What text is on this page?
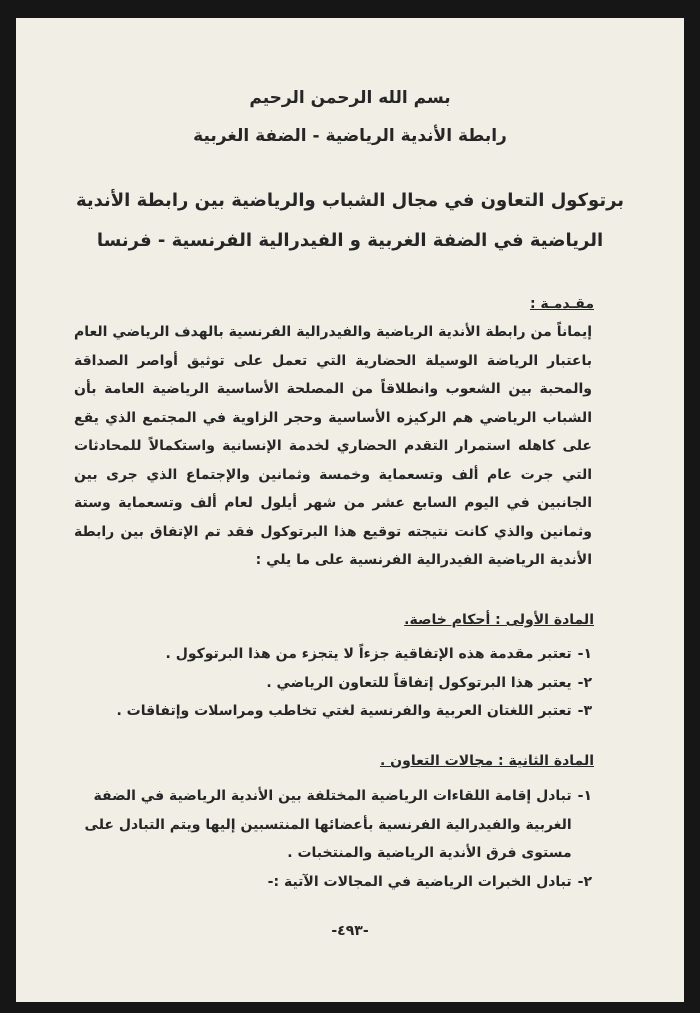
بسم الله الرحمن الرحيم
رابطة الأندية الرياضية - الضفة الغربية
برتوكول التعاون في مجال الشباب والرياضية بين رابطة الأندية الرياضية في الضفة الغربية و الفيدرالية الفرنسية - فرنسا
مقـدمـة :
إيماناً من رابطة الأندية الرياضية والفيدرالية الفرنسية بالهدف الرياضي العام باعتبار الرياضة الوسيلة الحضارية التي تعمل على توثيق أواصر الصداقة والمحبة بين الشعوب وانطلاقاً من المصلحة الأساسية الرياضية العامة بأن الشباب الرياضي هم الركيزه الأساسية وحجر الزاوية في المجتمع الذي يقع على كاهله استمرار التقدم الحضاري لخدمة الإنسانية واستكمالاً للمحادثات التي جرت عام ألف وتسعماية وخمسة وثمانين والإجتماع الذي جرى بين الجانبين في اليوم السابع عشر من شهر أيلول لعام ألف وتسعماية وستة وثمانين والذي كانت نتيجته توقيع هذا البرتوكول فقد تم الإتفاق بين رابطة الأندية الرياضية الفيدرالية الفرنسية على ما يلي :
المادة الأولى : أحكام خاصة.
١-
تعتبر مقدمة هذه الإتفاقية جزءاً لا يتجزء من هذا البرتوكول .
٢-
يعتبر هذا البرتوكول إتفاقاً للتعاون الرياضي .
٣-
تعتبر اللغتان العربية والفرنسية لغتي تخاطب ومراسلات وإتفاقات .
المادة الثانية : مجالات التعاون .
١-
تبادل إقامة اللقاءات الرياضية المختلفة بين الأندية الرياضية في الضفة الغربية والفيدرالية الفرنسية بأعضائها المنتسبين إليها ويتم التبادل على مستوى فرق الأندية الرياضية والمنتخبات .
٢-
تبادل الخبرات الرياضية في المجالات الآتية :-
-٤٩٣-
